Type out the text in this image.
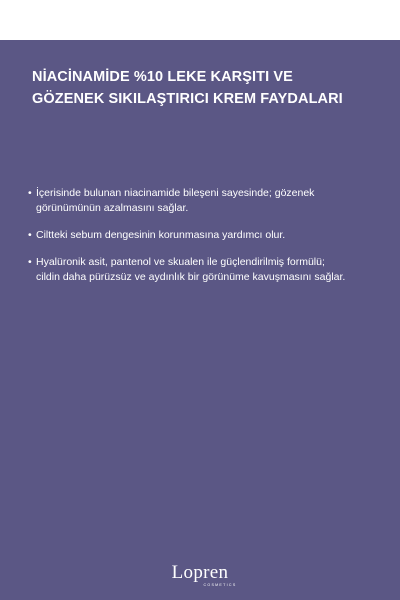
NİACİNAMİDE %10 LEKE KARŞITI VE
GÖZENEK SIKILAŞTIRICI KREM FAYDALARI
• İçerisinde bulunan niacinamide bileşeni sayesinde; gözenek
görünümünün azalmasını sağlar.
• Ciltteki sebum dengesinin korunmasına yardımcı olur.
• Hyalüronik asit, pantenol ve skualen ile güçlendirilmiş formülü;
cildin daha pürüzsüz ve aydınlık bir görünüme kavuşmasını sağlar.
Lopren
COSMETICS
